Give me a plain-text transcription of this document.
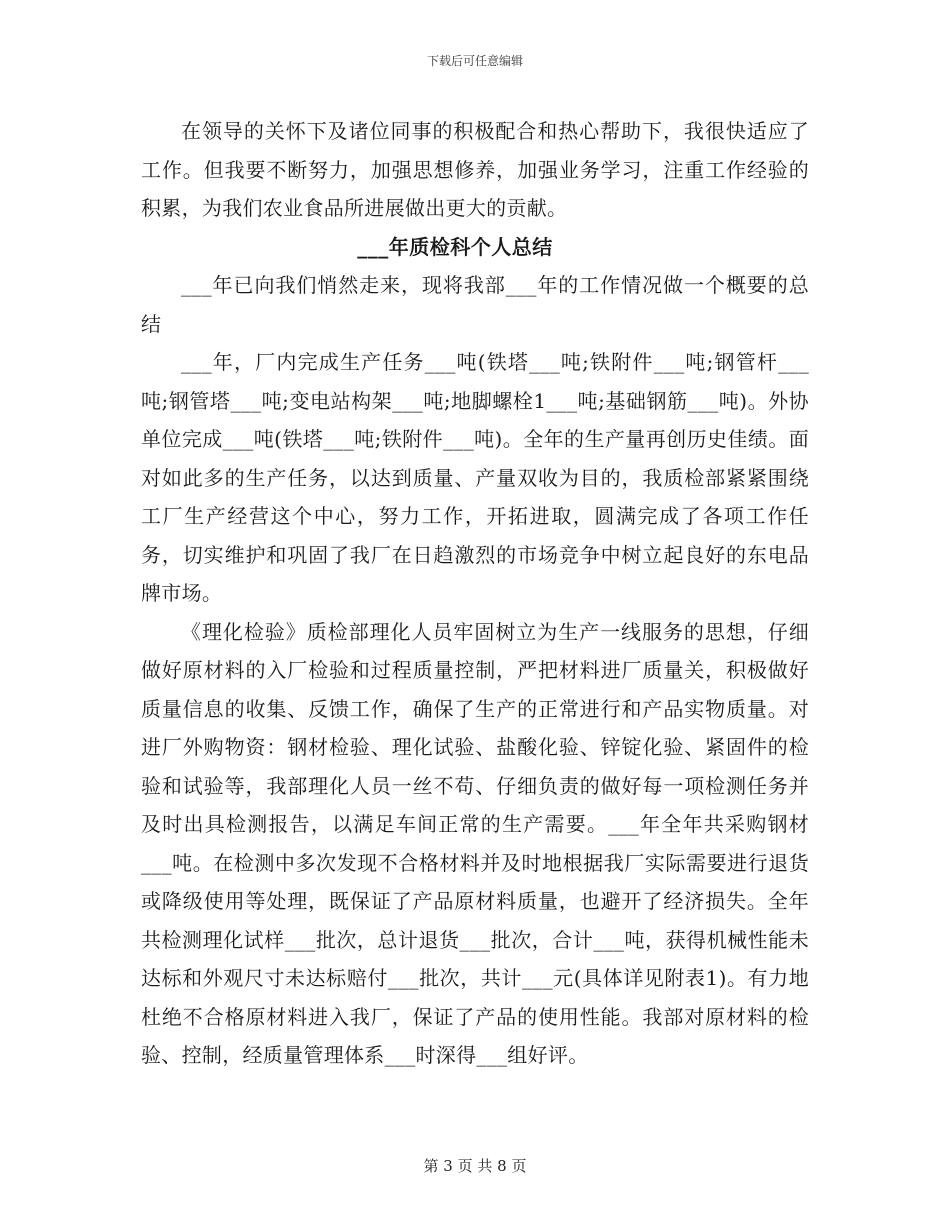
下载后可任意编辑

在领导的关怀下及诸位同事的积极配合和热心帮助下，我很快适应了工作。但我要不断努力，加强思想修养，加强业务学习，注重工作经验的积累，为我们农业食品所进展做出更大的贡献。

___年质检科个人总结

___年已向我们悄然走来，现将我部___年的工作情况做一个概要的总结

___年，厂内完成生产任务___吨(铁塔___吨;铁附件___吨;钢管杆___吨;钢管塔___吨;变电站构架___吨;地脚螺栓1___吨;基础钢筋___吨)。外协单位完成___吨(铁塔___吨;铁附件___吨)。全年的生产量再创历史佳绩。面对如此多的生产任务，以达到质量、产量双收为目的，我质检部紧紧围绕工厂生产经营这个中心，努力工作，开拓进取，圆满完成了各项工作任务，切实维护和巩固了我厂在日趋激烈的市场竞争中树立起良好的东电品牌市场。

《理化检验》质检部理化人员牢固树立为生产一线服务的思想，仔细做好原材料的入厂检验和过程质量控制，严把材料进厂质量关，积极做好质量信息的收集、反馈工作，确保了生产的正常进行和产品实物质量。对进厂外购物资：钢材检验、理化试验、盐酸化验、锌锭化验、紧固件的检验和试验等，我部理化人员一丝不苟、仔细负责的做好每一项检测任务并及时出具检测报告，以满足车间正常的生产需要。___年全年共采购钢材___吨。在检测中多次发现不合格材料并及时地根据我厂实际需要进行退货或降级使用等处理，既保证了产品原材料质量，也避开了经济损失。全年共检测理化试样___批次，总计退货___批次，合计___吨，获得机械性能未达标和外观尺寸未达标赔付___批次，共计___元(具体详见附表1)。有力地杜绝不合格原材料进入我厂，保证了产品的使用性能。我部对原材料的检验、控制，经质量管理体系___时深得___组好评。

第 3 页 共 8 页
